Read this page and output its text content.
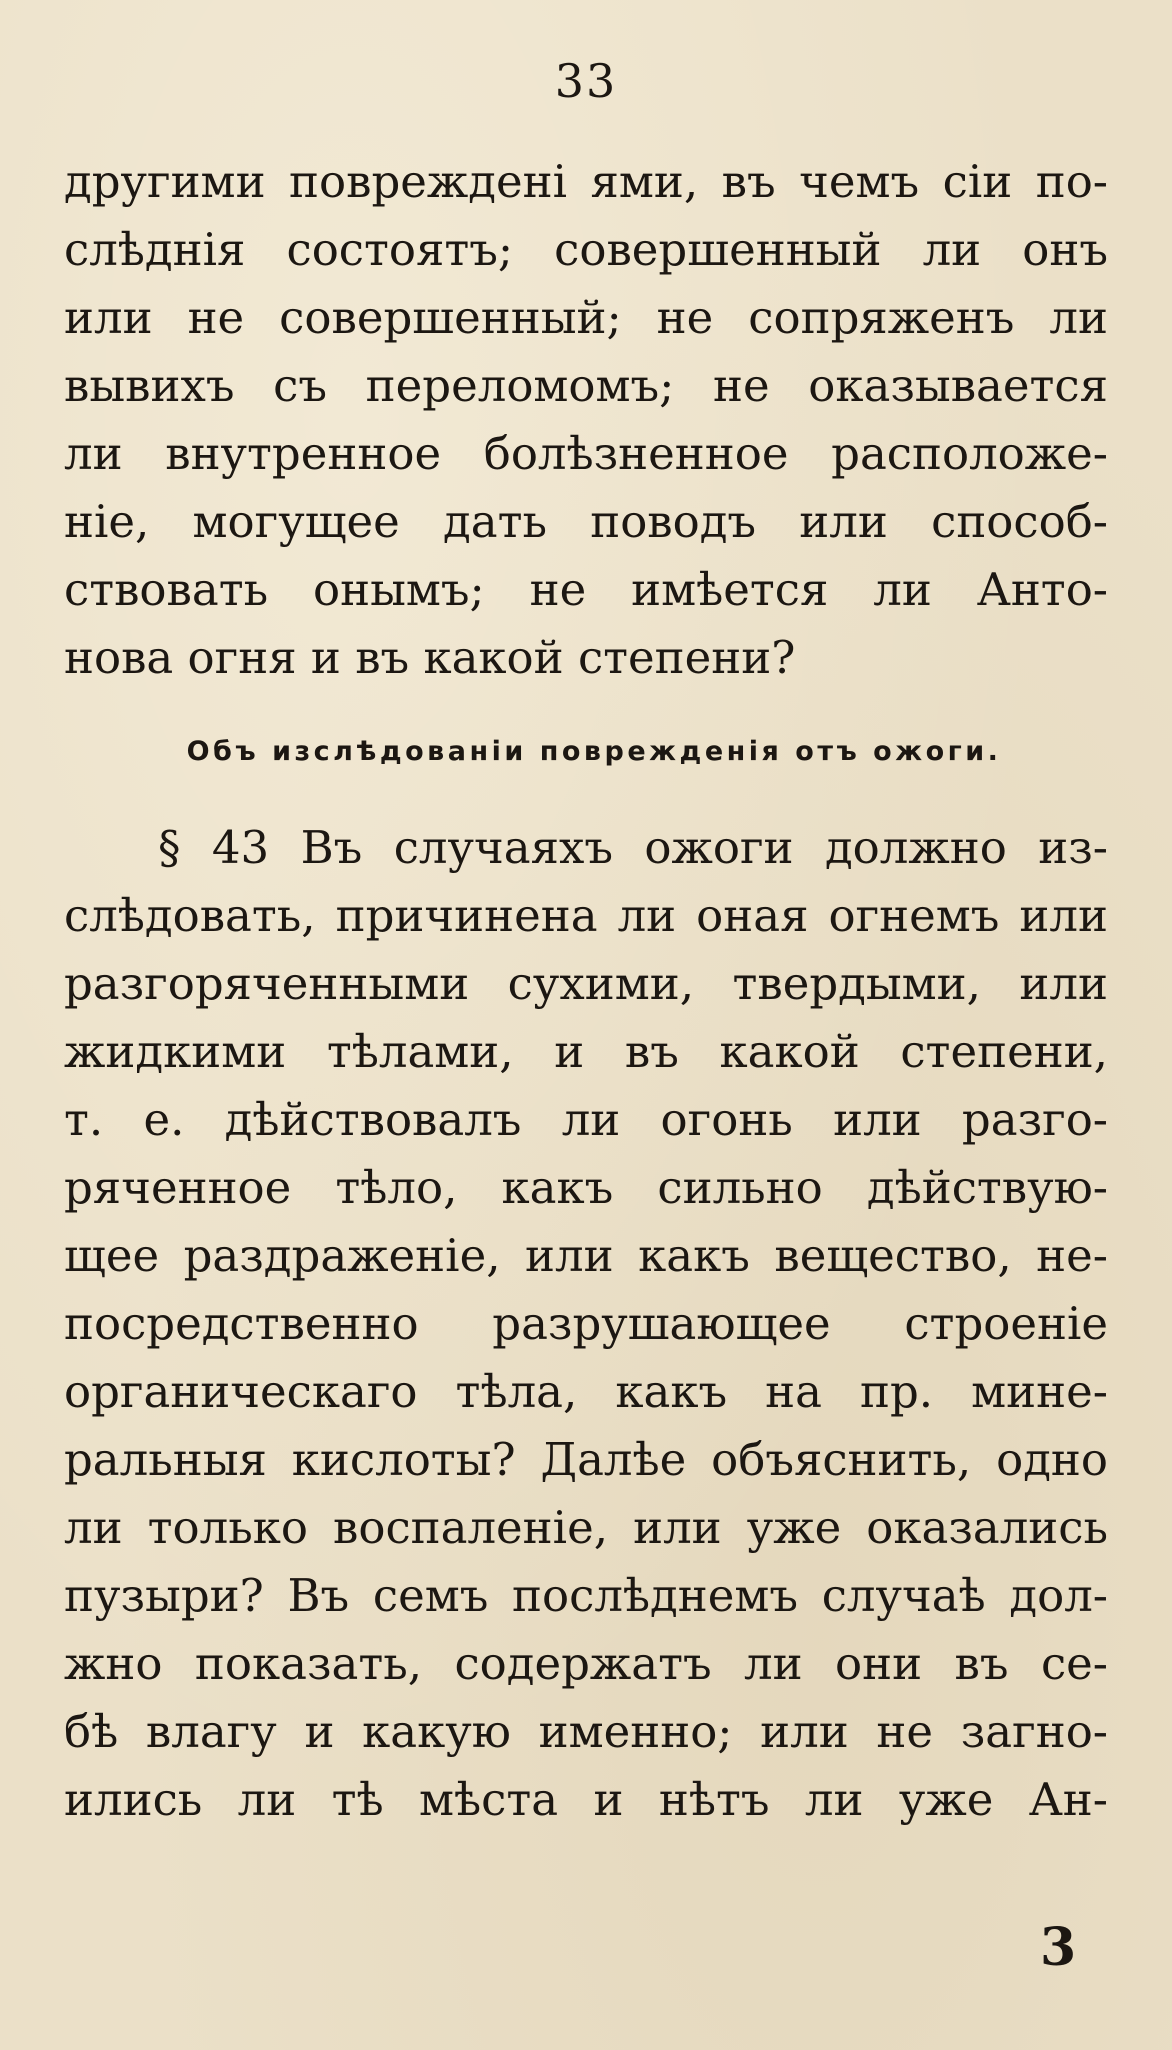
33
другими повреждені ями, въ чемъ сіи по-
слѣднія состоятъ; совершенный ли онъ
или не совершенный; не сопряженъ ли
вывихъ съ переломомъ; не оказывается
ли внутренное болѣзненное расположе-
ніе, могущее дать поводъ или способ-
ствовать онымъ; не имѣется ли Анто-
нова огня и въ какой степени?
Объ изслѣдованіи поврежденія отъ ожоги.
§ 43 Въ случаяхъ ожоги должно из-
слѣдовать, причинена ли оная огнемъ или
разгоряченными сухими, твердыми, или
жидкими тѣлами, и въ какой степени,
т. е. дѣйствовалъ ли огонь или разго-
ряченное тѣло, какъ сильно дѣйствую-
щее раздраженіе, или какъ вещество, не-
посредственно разрушающее строеніе
органическаго тѣла, какъ на пр. мине-
ральныя кислоты? Далѣе объяснить, одно
ли только воспаленіе, или уже оказались
пузыри? Въ семъ послѣднемъ случаѣ дол-
жно показать, содержатъ ли они въ се-
бѣ влагу и какую именно; или не загно-
ились ли тѣ мѣста и нѣтъ ли уже Ан-
3
